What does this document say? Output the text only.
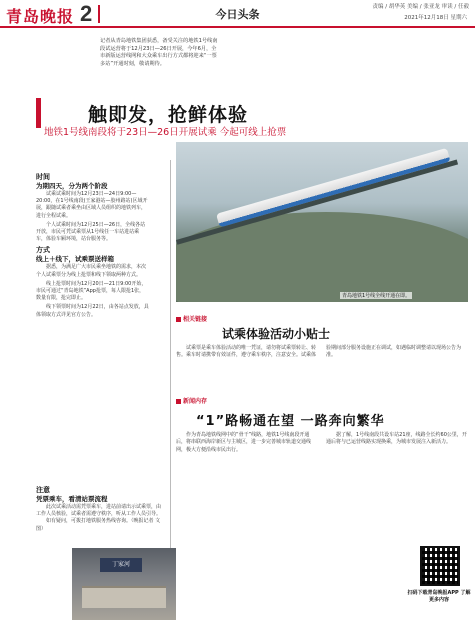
青岛晚报 2	今日头条
责编 / 胡华英 美编 / 张亚龙 审读 / 任毅
2021年12月18日 星期六
记者从青岛地铁集团获悉，备受关注的地铁1号线南段试运营将于12月23日—26日开展，今年6月，全市新版运营线网和大众乘车出行方式都将迎来“一票多站”开通时刻，敬请期待。
触即发，抢鲜体验
地铁1号线南段将于23日—26日开展试乘 今起可线上抢票
时间
为期四天，分为两个阶段

试乘试乘时间为12月23日—24日9:00—20:00，在1号线南段(王家港站—胶州路站)区域开展，跟随试乘者乘坐由区域人员组织的地铁列车，进行全程试乘。

个人试乘时间为12月25日—26日，全线各站开放，市民可凭试乘票从1号线任一车站进站乘车，体验车厢环境，站台服务等。

方式
线上＋线下，试乘票送样箱

据悉，为满足广大市民乘坐地铁的需求，本次个人试乘票分为线上抢票和线下领取两种方式。

线上抢票时间为12月20日—21日9:00开始，市民可通过“青岛地铁”App抢票，每人限抢1张，数量有限，抢完即止。

线下领票时间为12月22日，由各站点发放，具体领取方式详见官方公告。

青岛地铁1号线全线开通在即。
相关链接
试乘体验活动小贴士
试乘票是乘车体验活动的唯一凭证，请勿将试乘票转让、转售。乘车时请携带有效证件，遵守乘车秩序，注意安全。试乘体验期间部分服务设施正在调试，如遇临时调整请以现场公告为准。
新闻内存
“1”路畅通在望 一路奔向繁华

作为青岛地铁线网中的“骨干”线路，地铁1号线南段开通后，将串联西海岸新区与主城区，进一步完善城市轨道交通线网，极大方便沿线市民出行。

据了解，1号线南段共设车站21座，线路全长约60公里，开通后将与已运营线路实现换乘，为城市发展注入新活力。

注意
凭票乘车，看清站票流程

此次试乘活动需凭票乘车，进站前请出示试乘票，由工作人员核验，试乘者需遵守秩序，听从工作人员引导。

如有疑问，可拨打地铁服务热线咨询。（晚报记者 文图）

丁家河
扫码下载青岛晚报APP 了解更多内容
